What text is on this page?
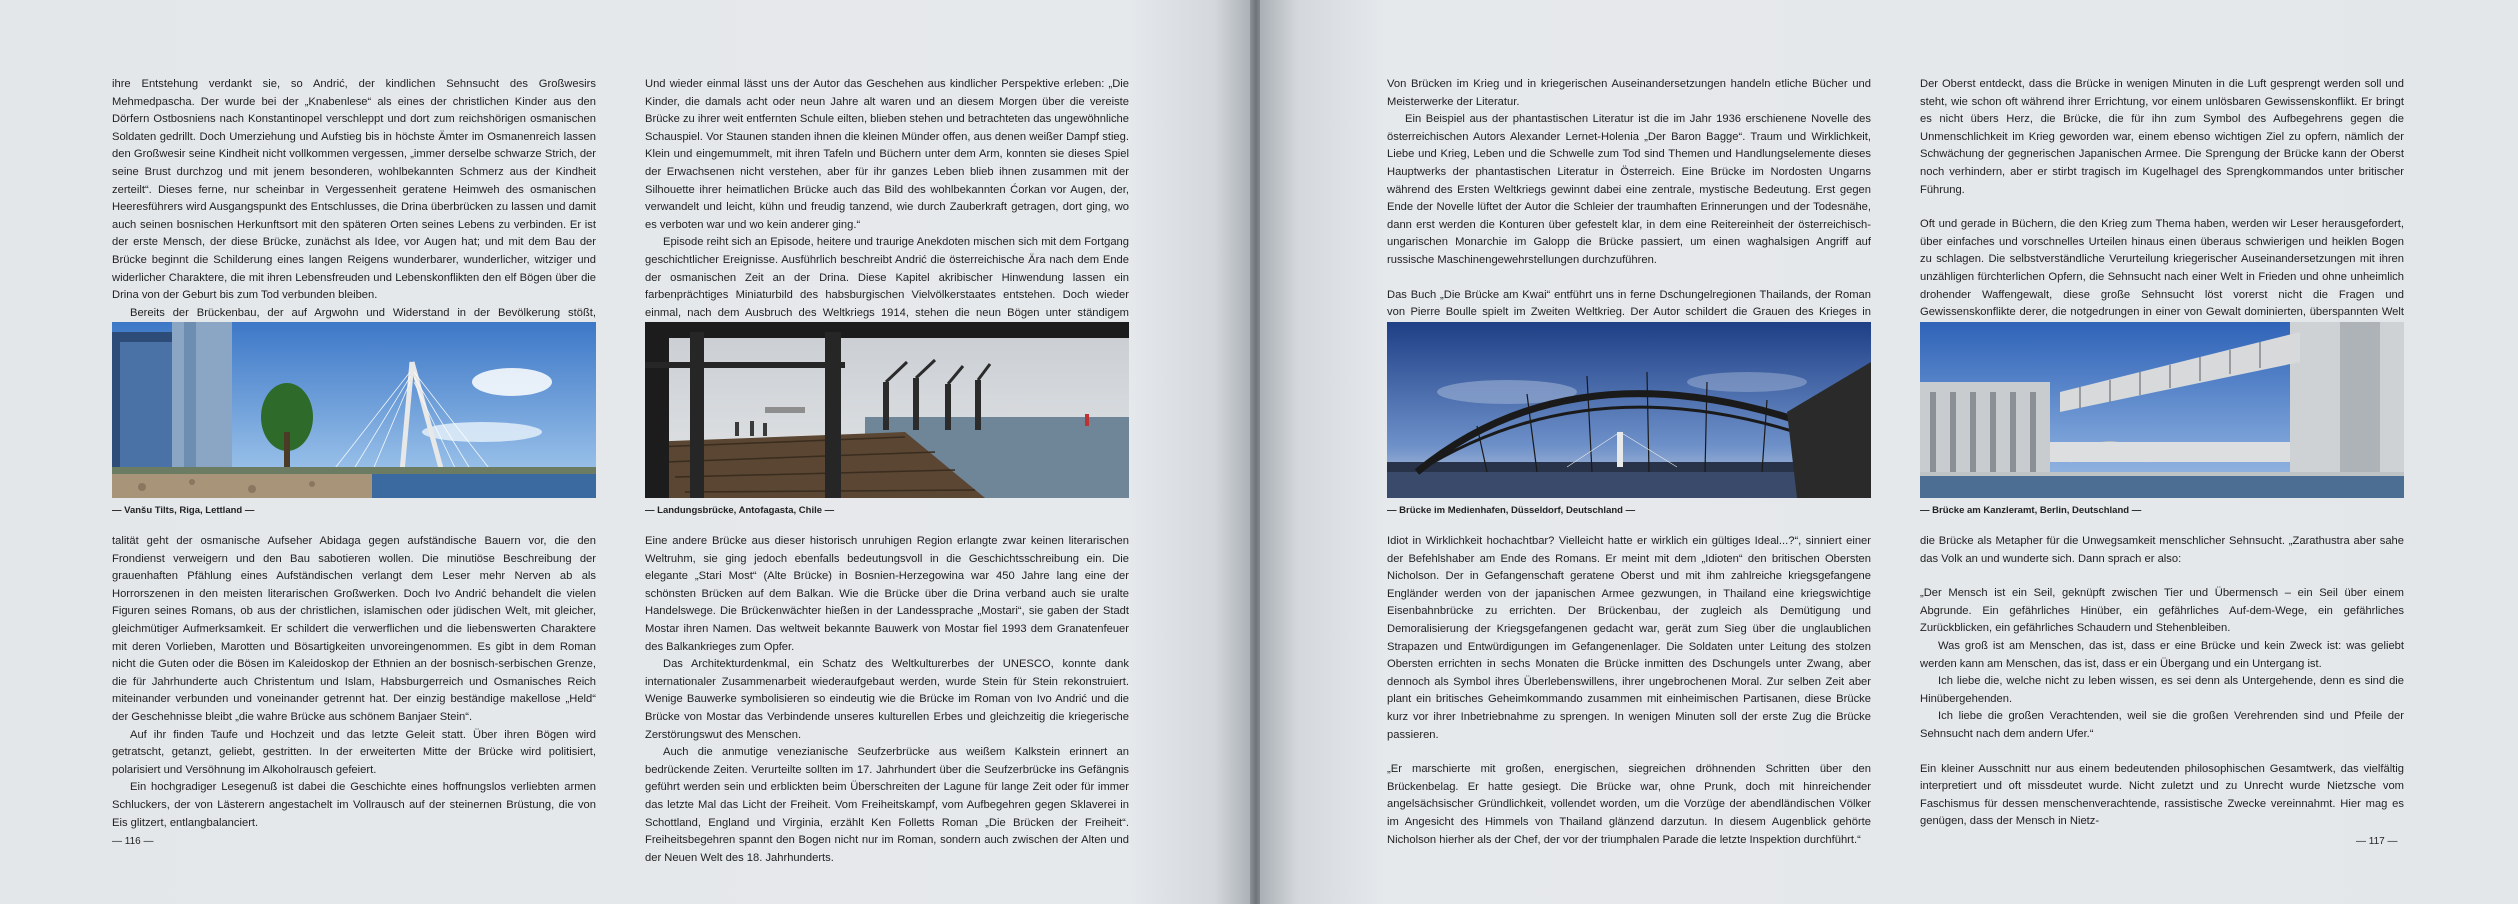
ihre Entstehung verdankt sie, so Andrić, der kindlichen Sehnsucht des Großwesirs Mehmedpascha. Der wurde bei der „Knabenlese“ als eines der christlichen Kinder aus den Dörfern Ostbosniens nach Konstantinopel verschleppt und dort zum reichshörigen osmanischen Soldaten gedrillt. Doch Umerziehung und Aufstieg bis in höchste Ämter im Osmanenreich lassen den Großwesir seine Kindheit nicht vollkommen vergessen, „immer derselbe schwarze Strich, der seine Brust durchzog und mit jenem besonderen, wohlbekannten Schmerz aus der Kindheit zerteilt“. Dieses ferne, nur scheinbar in Vergessenheit geratene Heimweh des osmanischen Heeresführers wird Ausgangspunkt des Entschlusses, die Drina überbrücken zu lassen und damit auch seinen bosnischen Herkunftsort mit den späteren Orten seines Lebens zu verbinden. Er ist der erste Mensch, der diese Brücke, zunächst als Idee, vor Augen hat; und mit dem Bau der Brücke beginnt die Schilderung eines langen Reigens wunderbarer, wunderlicher, witziger und widerlicher Charaktere, die mit ihren Lebensfreuden und Lebenskonflikten den elf Bögen über die Drina von der Geburt bis zum Tod verbunden bleiben.

Bereits der Brückenbau, der auf Argwohn und Widerstand in der Bevölkerung stößt,

Und wieder einmal lässt uns der Autor das Geschehen aus kindlicher Perspektive erleben: „Die Kinder, die damals acht oder neun Jahre alt waren und an diesem Morgen über die vereiste Brücke zu ihrer weit entfernten Schule eilten, blieben stehen und betrachteten das ungewöhnliche Schauspiel. Vor Staunen standen ihnen die kleinen Münder offen, aus denen weißer Dampf stieg. Klein und eingemummelt, mit ihren Tafeln und Büchern unter dem Arm, konnten sie dieses Spiel der Erwachsenen nicht verstehen, aber für ihr ganzes Leben blieb ihnen zusammen mit der Silhouette ihrer heimatlichen Brücke auch das Bild des wohlbekannten Ćorkan vor Augen, der, verwandelt und leicht, kühn und freudig tanzend, wie durch Zauberkraft getragen, dort ging, wo es verboten war und wo kein anderer ging.“

Episode reiht sich an Episode, heitere und traurige Anekdoten mischen sich mit dem Fortgang geschichtlicher Ereignisse. Ausführlich beschreibt Andrić die österreichische Ära nach dem Ende der osmanischen Zeit an der Drina. Diese Kapitel akribischer Hinwendung lassen ein farbenprächtiges Miniaturbild des habsburgischen Vielvölkerstaates entstehen. Doch wieder einmal, nach dem Ausbruch des Weltkriegs 1914, stehen die neun Bögen unter ständigem

— Vanšu Tilts, Riga, Lettland —	— Landungsbrücke, Antofagasta, Chile —

talität geht der osmanische Aufseher Abidaga gegen aufständische Bauern vor, die den Frondienst verweigern und den Bau sabotieren wollen. Die minutiöse Beschreibung der grauenhaften Pfählung eines Aufständischen verlangt dem Leser mehr Nerven ab als Horrorszenen in den meisten literarischen Großwerken. Doch Ivo Andrić behandelt die vielen Figuren seines Romans, ob aus der christlichen, islamischen oder jüdischen Welt, mit gleicher, gleichmütiger Aufmerksamkeit. Er schildert die verwerflichen und die liebenswerten Charaktere mit deren Vorlieben, Marotten und Bösartigkeiten unvoreingenommen. Es gibt in dem Roman nicht die Guten oder die Bösen im Kaleidoskop der Ethnien an der bosnisch-serbischen Grenze, die für Jahrhunderte auch Christentum und Islam, Habsburgerreich und Osmanisches Reich miteinander verbunden und voneinander getrennt hat. Der einzig beständige makellose „Held“ der Geschehnisse bleibt „die wahre Brücke aus schönem Banjaer Stein“.

Auf ihr finden Taufe und Hochzeit und das letzte Geleit statt. Über ihren Bögen wird getratscht, getanzt, geliebt, gestritten. In der erweiterten Mitte der Brücke wird politisiert, polarisiert und Versöhnung im Alkoholrausch gefeiert.

Ein hochgradiger Lesegenuß ist dabei die Geschichte eines hoffnungslos verliebten armen Schluckers, der von Lästerern angestachelt im Vollrausch auf der steinernen Brüstung, die von Eis glitzert, entlangbalanciert.

Eine andere Brücke aus dieser historisch unruhigen Region erlangte zwar keinen literarischen Weltruhm, sie ging jedoch ebenfalls bedeutungsvoll in die Geschichtsschreibung ein. Die elegante „Stari Most“ (Alte Brücke) in Bosnien-Herzegowina war 450 Jahre lang eine der schönsten Brücken auf dem Balkan. Wie die Brücke über die Drina verband auch sie uralte Handelswege. Die Brückenwächter hießen in der Landessprache „Mostari“, sie gaben der Stadt Mostar ihren Namen. Das weltweit bekannte Bauwerk von Mostar fiel 1993 dem Granatenfeuer des Balkankrieges zum Opfer.

Das Architekturdenkmal, ein Schatz des Weltkulturerbes der UNESCO, konnte dank internationaler Zusammenarbeit wiederaufgebaut werden, wurde Stein für Stein rekonstruiert. Wenige Bauwerke symbolisieren so eindeutig wie die Brücke im Roman von Ivo Andrić und die Brücke von Mostar das Verbindende unseres kulturellen Erbes und gleichzeitig die kriegerische Zerstörungswut des Menschen.

Auch die anmutige venezianische Seufzerbrücke aus weißem Kalkstein erinnert an bedrückende Zeiten. Verurteilte sollten im 17. Jahrhundert über die Seufzerbrücke ins Gefängnis geführt werden sein und erblickten beim Überschreiten der Lagune für lange Zeit oder für immer das letzte Mal das Licht der Freiheit. Vom Freiheitskampf, vom Aufbegehren gegen Sklaverei in Schottland, England und Virginia, erzählt Ken Folletts Roman „Die Brücken der Freiheit“. Freiheitsbegehren spannt den Bogen nicht nur im Roman, sondern auch zwischen der Alten und der Neuen Welt des 18. Jahrhunderts.

— 116 —

Von Brücken im Krieg und in kriegerischen Auseinandersetzungen handeln etliche Bücher und Meisterwerke der Literatur.

Ein Beispiel aus der phantastischen Literatur ist die im Jahr 1936 erschienene Novelle des österreichischen Autors Alexander Lernet-Holenia „Der Baron Bagge“. Traum und Wirklichkeit, Liebe und Krieg, Leben und die Schwelle zum Tod sind Themen und Handlungselemente dieses Hauptwerks der phantastischen Literatur in Österreich. Eine Brücke im Nordosten Ungarns während des Ersten Weltkriegs gewinnt dabei eine zentrale, mystische Bedeutung. Erst gegen Ende der Novelle lüftet der Autor die Schleier der traumhaften Erinnerungen und der Todesnähe, dann erst werden die Konturen über gefestelt klar, in dem eine Reitereinheit der österreichisch-ungarischen Monarchie im Galopp die Brücke passiert, um einen waghalsigen Angriff auf russische Maschinengewehrstellungen durchzuführen.

Das Buch „Die Brücke am Kwai“ entführt uns in ferne Dschungelregionen Thailands, der Roman von Pierre Boulle spielt im Zweiten Weltkrieg. Der Autor schildert die Grauen des Krieges in

Der Oberst entdeckt, dass die Brücke in wenigen Minuten in die Luft gesprengt werden soll und steht, wie schon oft während ihrer Errichtung, vor einem unlösbaren Gewissenskonflikt. Er bringt es nicht übers Herz, die Brücke, die für ihn zum Symbol des Aufbegehrens gegen die Unmenschlichkeit im Krieg geworden war, einem ebenso wichtigen Ziel zu opfern, nämlich der Schwächung der gegnerischen Japanischen Armee. Die Sprengung der Brücke kann der Oberst noch verhindern, aber er stirbt tragisch im Kugelhagel des Sprengkommandos unter britischer Führung.

Oft und gerade in Büchern, die den Krieg zum Thema haben, werden wir Leser herausgefordert, über einfaches und vorschnelles Urteilen hinaus einen überaus schwierigen und heiklen Bogen zu schlagen. Die selbstverständliche Verurteilung kriegerischer Auseinandersetzungen mit ihren unzähligen fürchterlichen Opfern, die Sehnsucht nach einer Welt in Frieden und ohne unheimlich drohender Waffengewalt, diese große Sehnsucht löst vorerst nicht die Fragen und Gewissenskonflikte derer, die notgedrungen in einer von Gewalt dominierten, überspannten Welt

— Brücke im Medienhafen, Düsseldorf, Deutschland —	— Brücke am Kanzleramt, Berlin, Deutschland —

Idiot in Wirklichkeit hochachtbar? Vielleicht hatte er wirklich ein gültiges Ideal...?“, sinniert einer der Befehlshaber am Ende des Romans. Er meint mit dem „Idioten“ den britischen Obersten Nicholson. Der in Gefangenschaft geratene Oberst und mit ihm zahlreiche kriegsgefangene Engländer werden von der japanischen Armee gezwungen, in Thailand eine kriegswichtige Eisenbahnbrücke zu errichten. Der Brückenbau, der zugleich als Demütigung und Demoralisierung der Kriegsgefangenen gedacht war, gerät zum Sieg über die unglaublichen Strapazen und Entwürdigungen im Gefangenenlager. Die Soldaten unter Leitung des stolzen Obersten errichten in sechs Monaten die Brücke inmitten des Dschungels unter Zwang, aber dennoch als Symbol ihres Überlebenswillens, ihrer ungebrochenen Moral. Zur selben Zeit aber plant ein britisches Geheimkommando zusammen mit einheimischen Partisanen, diese Brücke kurz vor ihrer Inbetriebnahme zu sprengen. In wenigen Minuten soll der erste Zug die Brücke passieren.

„Er marschierte mit großen, energischen, siegreichen dröhnenden Schritten über den Brückenbelag. Er hatte gesiegt. Die Brücke war, ohne Prunk, doch mit hinreichender angelsächsischer Gründlichkeit, vollendet worden, um die Vorzüge der abendländischen Völker im Angesicht des Himmels von Thailand glänzend darzutun. In diesem Augenblick gehörte Nicholson hierher als der Chef, der vor der triumphalen Parade die letzte Inspektion durchführt.“

die Brücke als Metapher für die Unwegsamkeit menschlicher Sehnsucht. „Zarathustra aber sahe das Volk an und wunderte sich. Dann sprach er also:

„Der Mensch ist ein Seil, geknüpft zwischen Tier und Übermensch – ein Seil über einem Abgrunde. Ein gefährliches Hinüber, ein gefährliches Auf-dem-Wege, ein gefährliches Zurückblicken, ein gefährliches Schaudern und Stehenbleiben.

Was groß ist am Menschen, das ist, dass er eine Brücke und kein Zweck ist: was geliebt werden kann am Menschen, das ist, dass er ein Übergang und ein Untergang ist.

Ich liebe die, welche nicht zu leben wissen, es sei denn als Untergehende, denn es sind die Hinübergehenden.

Ich liebe die großen Verachtenden, weil sie die großen Verehrenden sind und Pfeile der Sehnsucht nach dem andern Ufer.“

Ein kleiner Ausschnitt nur aus einem bedeutenden philosophischen Gesamtwerk, das vielfältig interpretiert und oft missdeutet wurde. Nicht zuletzt und zu Unrecht wurde Nietzsche vom Faschismus für dessen menschenverachtende, rassistische Zwecke vereinnahmt. Hier mag es genügen, dass der Mensch in Nietz-

— 117 —
